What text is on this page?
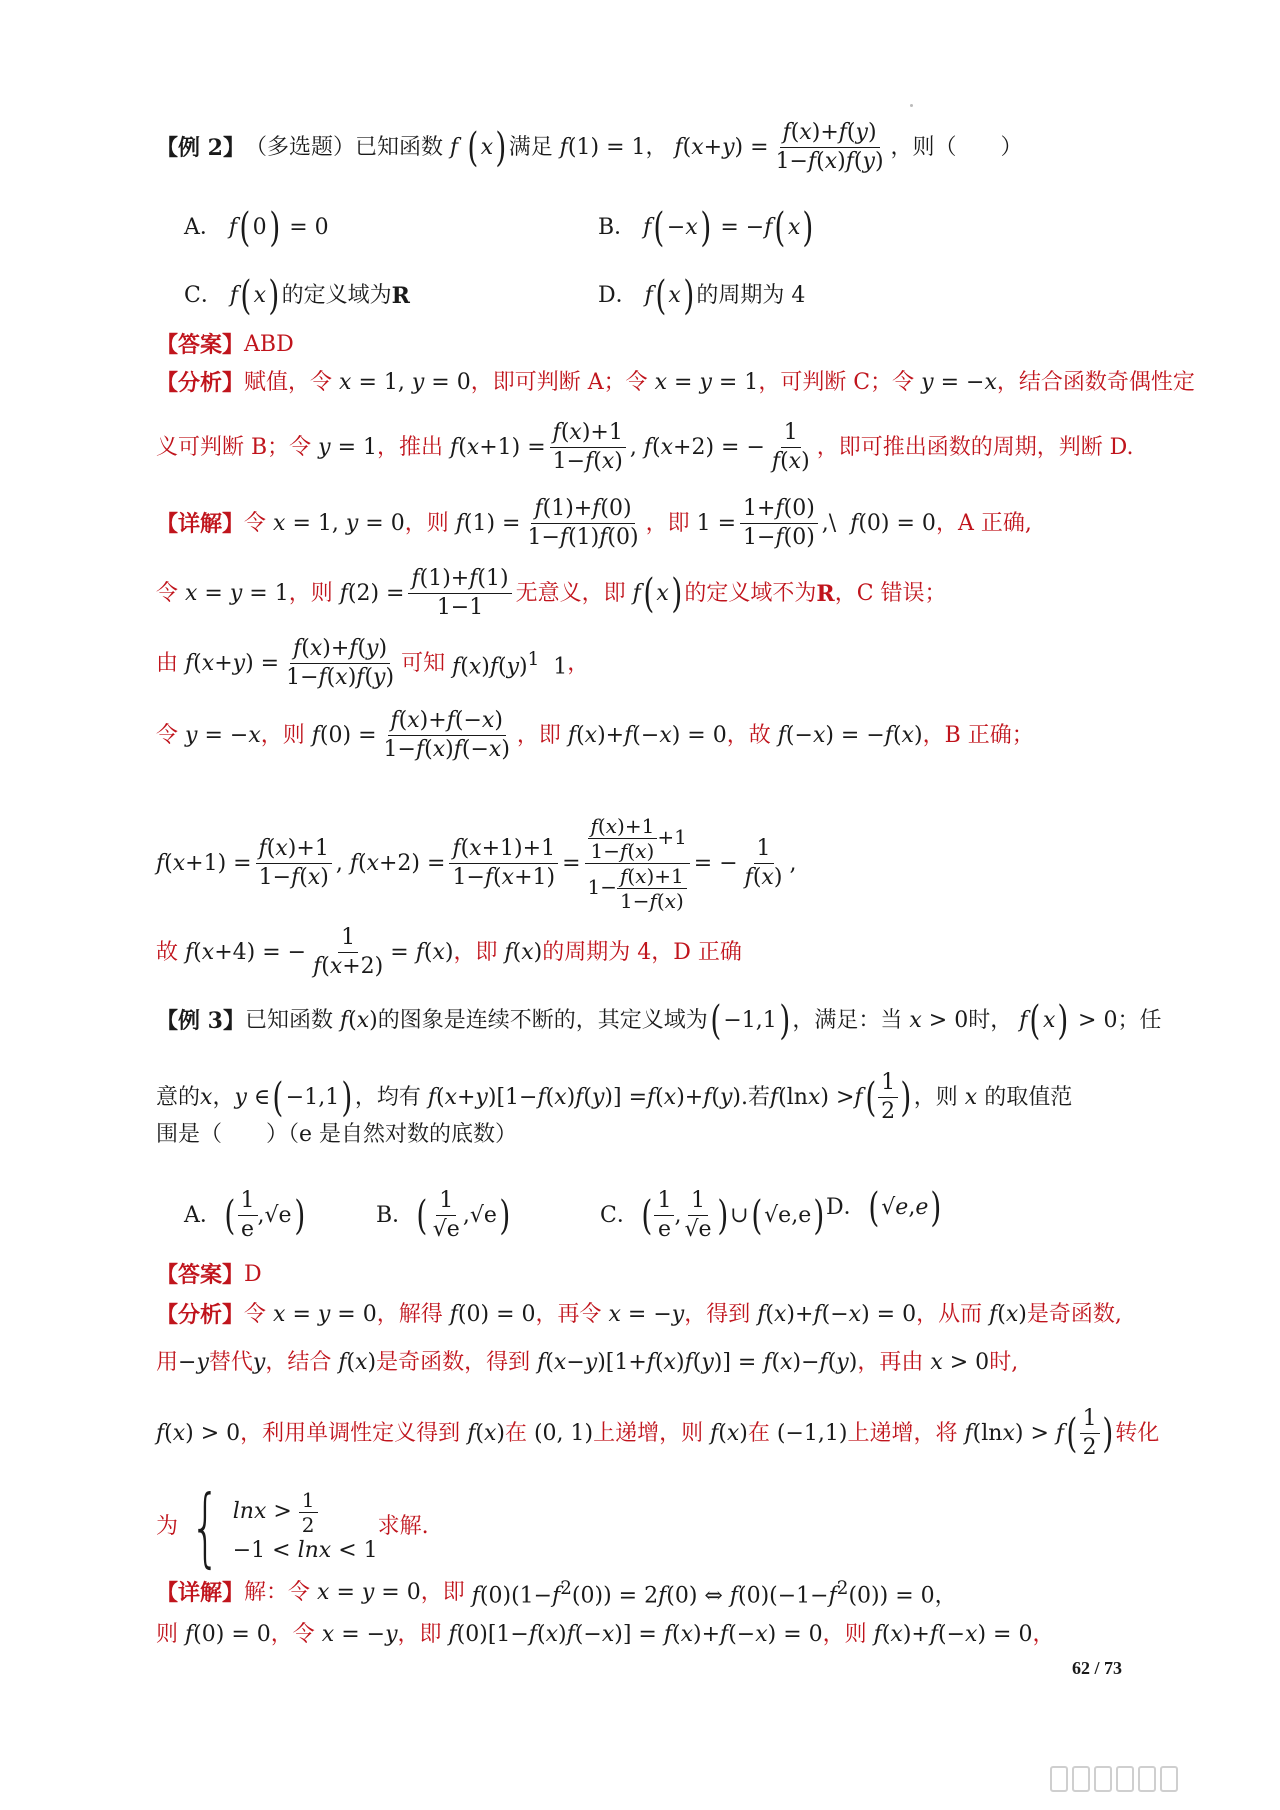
【例 2】 （多选题）已知函数 f ( x ) 满足 f (1) = 1， f ( x + y ) = $\frac{f(x)+f(y)}{1-f(x)f(y)}$ ，则（　　）
A． f ( 0 ) = 0	B． f ( − x ) = − f ( x )
C． f ( x ) 的定义域为 R	D． f ( x ) 的周期为 4
【答案】 ABD
【分析】 赋值，令 x = 1, y = 0 ，即可判断 A；令 x = y = 1 ，可判断 C；令 y = −x ，结合函数奇偶性定
义可判断 B；令 y = 1 ，推出 $f(x+1) = \frac{f(x)+1}{1-f(x)}$ , f(x+2) = − $\frac{1}{f(x)}$ ，即可推出函数的周期，判断 D.
【详解】 令 x = 1, y = 0 ，则 $f(1) = \frac{f(1)+f(0)}{1-f(1)f(0)}$ ，即 $1 = \frac{1+f(0)}{1-f(0)}$ ,\  f(0) = 0 ，A 正确,
令 x = y = 1 ，则 $f(2) = \frac{f(1)+f(1)}{1-1}$ 无意义，即 f ( x ) 的定义域不为 R ，C 错误；
由 $f(x+y) = \frac{f(x)+f(y)}{1-f(x)f(y)}$ 可知 $f(x)f(y)^1$  1 ，
令 y = −x ，则 $f(0) = \frac{f(x)+f(-x)}{1-f(x)f(-x)}$ ，即 f(x)+f(−x) = 0 ，故 f(−x) = −f(x) ，B 正确；
$f(x+1) = \frac{f(x)+1}{1-f(x)}$ , $f(x+2) = \frac{f(x+1)+1}{1-f(x+1)} = \frac{\frac{f(x)+1}{1-f(x)} +1}{1- \frac{f(x)+1}{1-f(x)}}$ = − $\frac{1}{f(x)}$ ,
故 f(x+4) = − $\frac{1}{f(x+2)} = f(x)$ ，即 f(x) 的周期为 4，D 正确
【例 3】 已知函数 f ( x ) 的图象是连续不断的，其定义域为 ( −1,1 ) ，满足：当 x > 0 时， f ( x ) > 0 ；任
意的 x ， y ∈ ( −1,1 ) ，均有 f ( x + y )[1− f ( x ) f ( y )] = f ( x )+ f ( y ) .若 f (ln x ) > f ( $\frac{1}{2}$ ) ，则 x 的取值范
围是（　　）（e 是自然对数的底数）
A． ( $\frac{1}{e} ,√e$ )	B． ( $\frac{1}{√e} ,√e$ )	C． ( $\frac{1}{e}$ , $\frac{1}{√e}$ ) ∪ ( √e,e ) D． ( √ e , e )
【答案】 D
【分析】 令 x = y = 0 ，解得 f(0) = 0 ，再令 x = −y ，得到 f(x)+f(−x) = 0 ，从而 f(x) 是奇函数,
用 −y 替代 y ，结合 f(x) 是奇函数，得到 f(x−y)[1+f(x)f(y)] = f(x)−f(y) ，再由 x > 0 时,
f(x) > 0 ，利用单调性定义得到 f(x) 在 (0, 1) 上递增，则 f(x) 在 (−1,1) 上递增，将 f(lnx) > f ( $\frac{1}{2}$ ) 转化
为 { $\ln x > \frac{1}{2}$
−1 < lnx < 1
求解.
【详解】 解：令 x = y = 0 ，即 $f(0)(1-f^2(0)) = 2f(0)$ ⇔ $f(0)(-1-f^2(0)) = 0$，
则 f(0) = 0 ，令 x = −y ，即 f(0)[1−f(x)f(−x)] = f(x)+f(−x) = 0 ，则 f(x)+f(−x) = 0 ，
62 / 73
